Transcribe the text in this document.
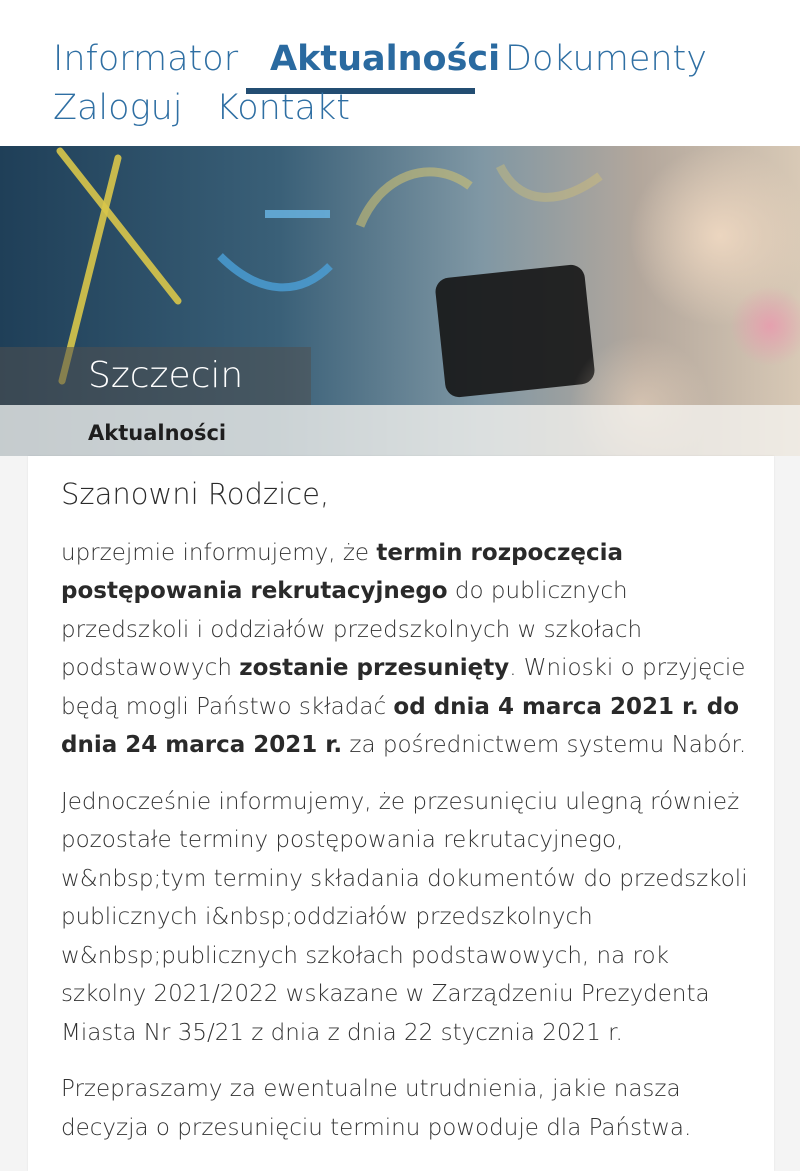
Informator Aktualności Dokumenty
Zaloguj Kontakt
Szczecin
Aktualności
Szanowni Rodzice,

uprzejmie informujemy, że termin rozpoczęcia postępowania rekrutacyjnego do publicznych przedszkoli i oddziałów przedszkolnych w szkołach podstawowych zostanie przesunięty. Wnioski o przyjęcie będą mogli Państwo składać od dnia 4 marca 2021 r. do dnia 24 marca 2021 r. za pośrednictwem systemu Nabór.

Jednocześnie informujemy, że przesunięciu ulegną również pozostałe terminy postępowania rekrutacyjnego, w&nbsp;tym terminy składania dokumentów do przedszkoli publicznych i&nbsp;oddziałów przedszkolnych w&nbsp;publicznych szkołach podstawowych, na rok szkolny 2021/2022 wskazane w Zarządzeniu Prezydenta Miasta Nr 35/21 z dnia z dnia 22 stycznia 2021 r.

Przepraszamy za ewentualne utrudnienia, jakie nasza decyzja o przesunięciu terminu powoduje dla Państwa.
